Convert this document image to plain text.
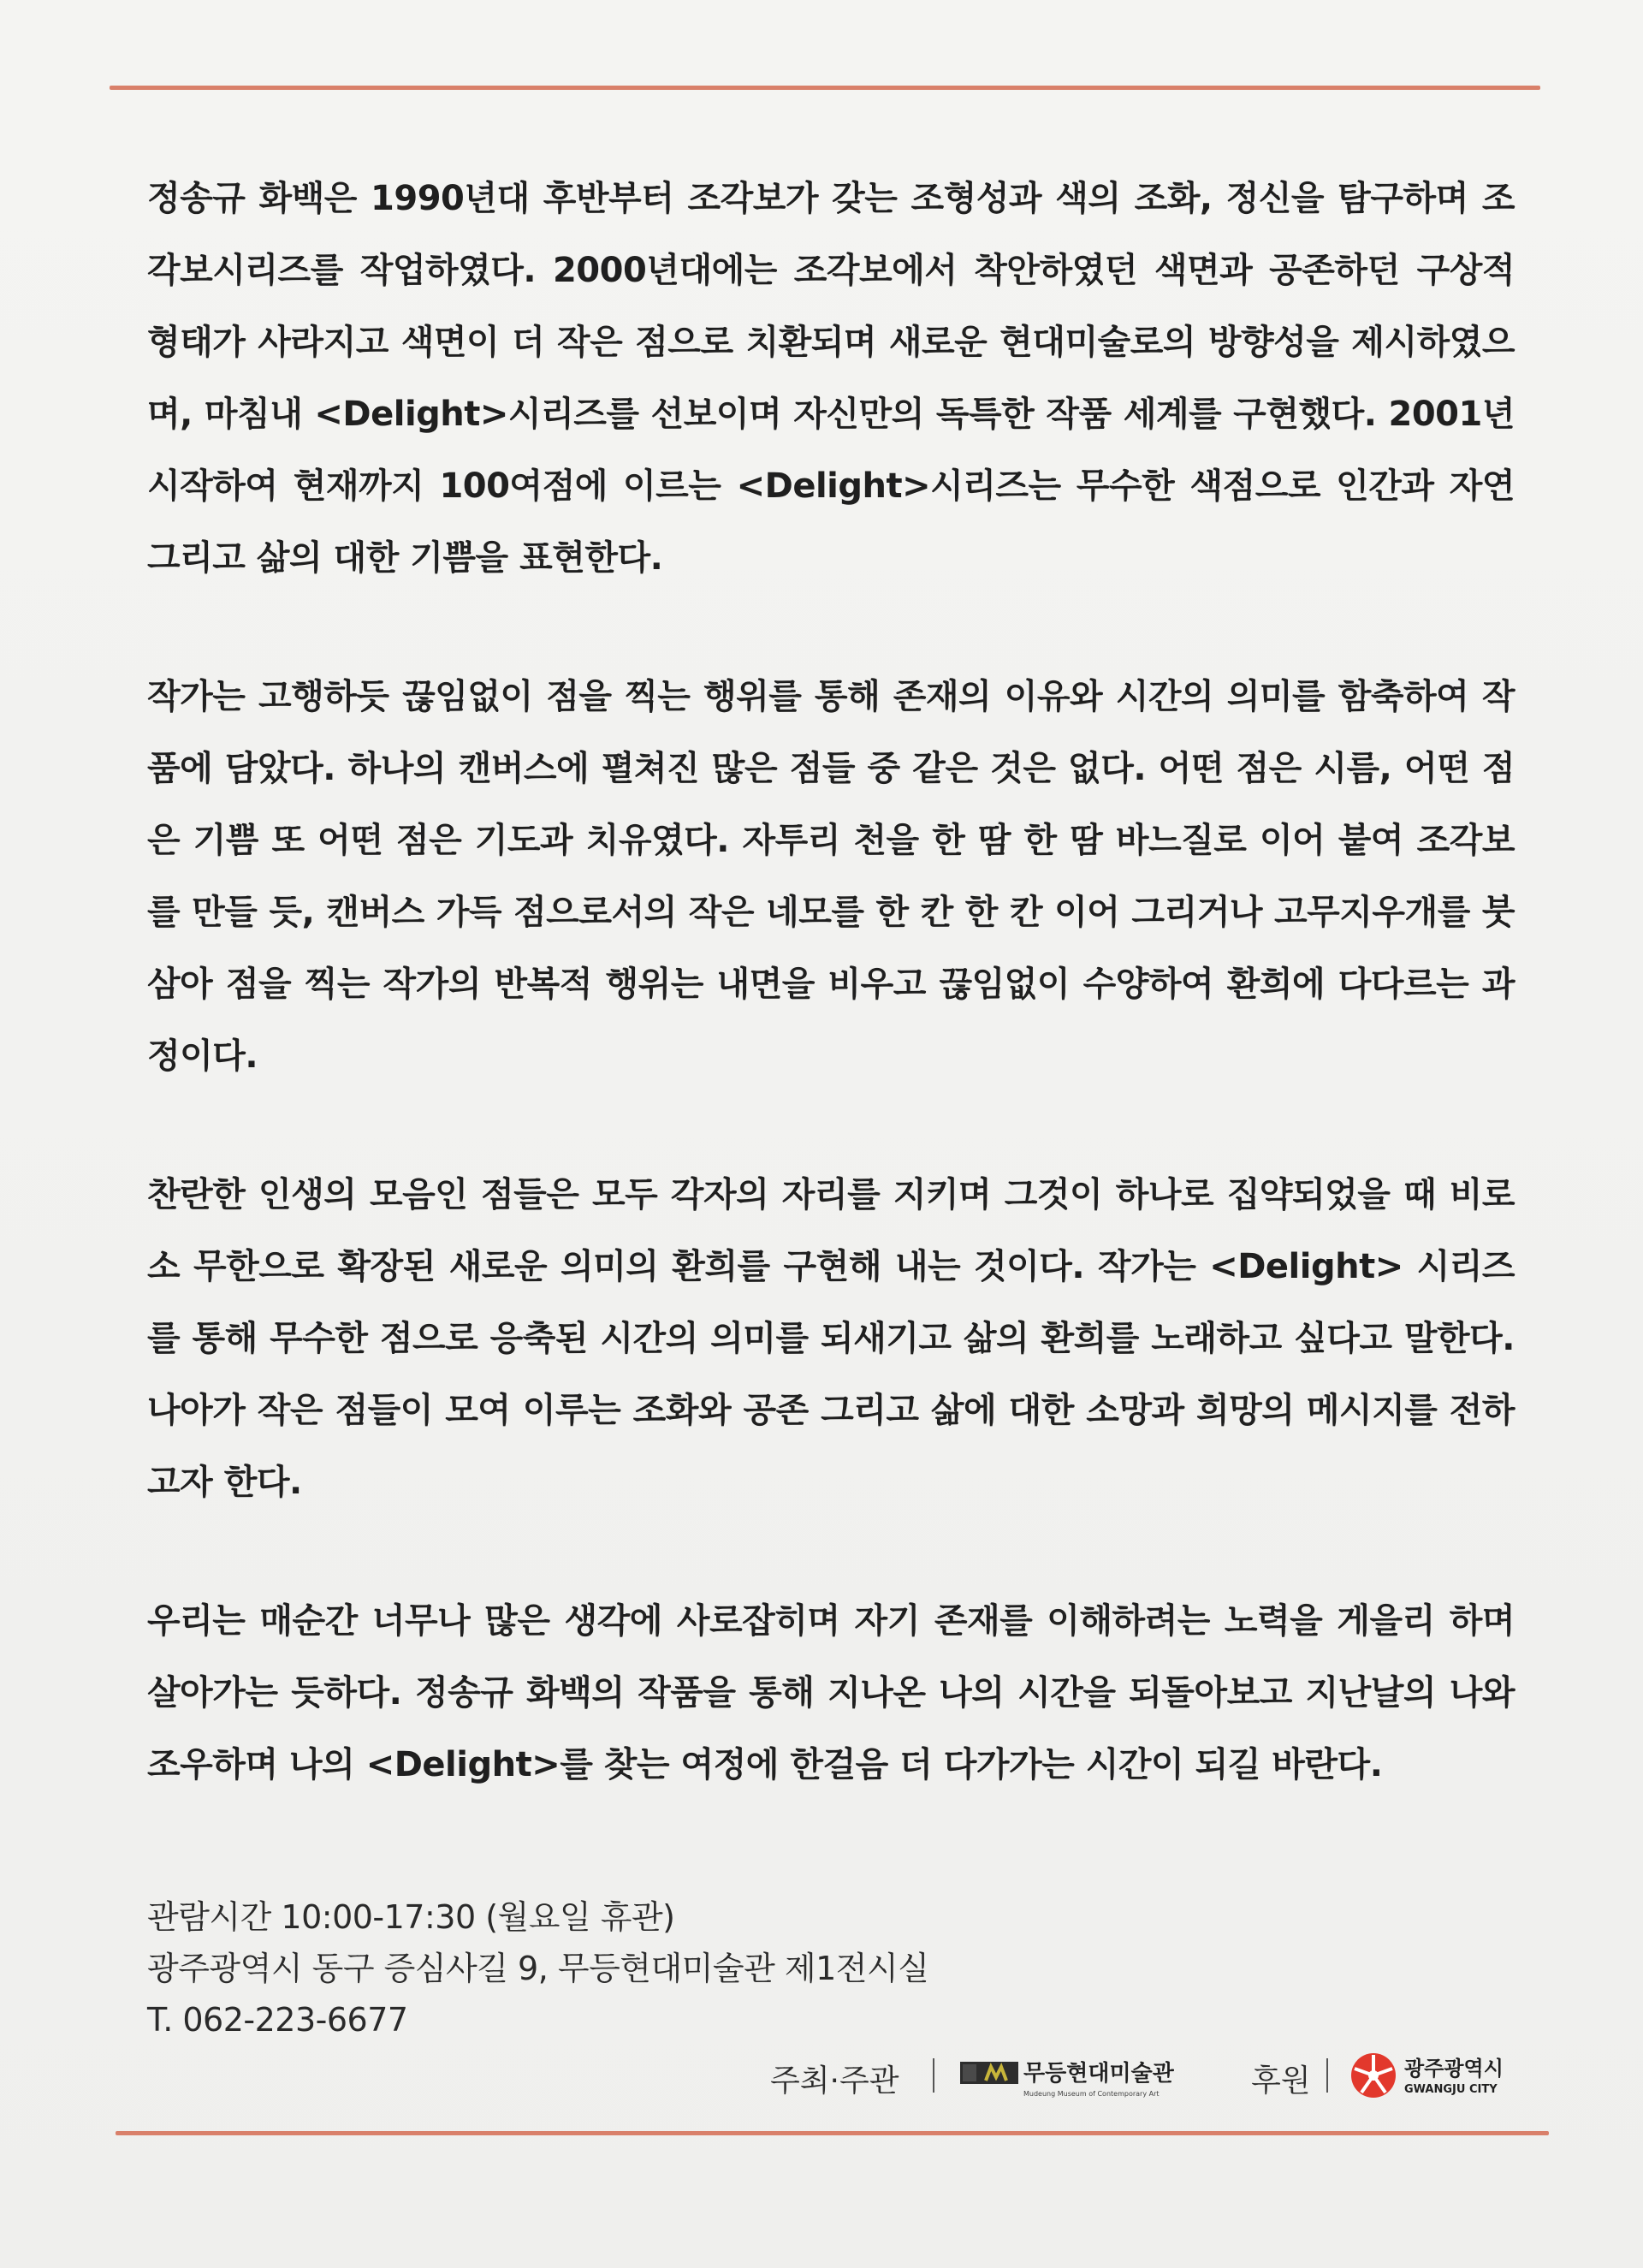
정송규 화백은 1990년대 후반부터 조각보가 갖는 조형성과 색의 조화, 정신을 탐구하며 조각보시리즈를 작업하였다. 2000년대에는 조각보에서 착안하였던 색면과 공존하던 구상적 형태가 사라지고 색면이 더 작은 점으로 치환되며 새로운 현대미술로의 방향성을 제시하였으며, 마침내 <Delight>시리즈를 선보이며 자신만의 독특한 작품 세계를 구현했다. 2001년 시작하여 현재까지 100여점에 이르는 <Delight>시리즈는 무수한 색점으로 인간과 자연 그리고 삶의 대한 기쁨을 표현한다.

작가는 고행하듯 끊임없이 점을 찍는 행위를 통해 존재의 이유와 시간의 의미를 함축하여 작품에 담았다. 하나의 캔버스에 펼쳐진 많은 점들 중 같은 것은 없다. 어떤 점은 시름, 어떤 점은 기쁨 또 어떤 점은 기도과 치유였다. 자투리 천을 한 땀 한 땀 바느질로 이어 붙여 조각보를 만들 듯, 캔버스 가득 점으로서의 작은 네모를 한 칸 한 칸 이어 그리거나 고무지우개를 붓 삼아 점을 찍는 작가의 반복적 행위는 내면을 비우고 끊임없이 수양하여 환희에 다다르는 과정이다.

찬란한 인생의 모음인 점들은 모두 각자의 자리를 지키며 그것이 하나로 집약되었을 때 비로소 무한으로 확장된 새로운 의미의 환희를 구현해 내는 것이다. 작가는 <Delight> 시리즈를 통해 무수한 점으로 응축된 시간의 의미를 되새기고 삶의 환희를 노래하고 싶다고 말한다. 나아가 작은 점들이 모여 이루는 조화와 공존 그리고 삶에 대한 소망과 희망의 메시지를 전하고자 한다.

우리는 매순간 너무나 많은 생각에 사로잡히며 자기 존재를 이해하려는 노력을 게을리 하며 살아가는 듯하다. 정송규 화백의 작품을 통해 지나온 나의 시간을 되돌아보고 지난날의 나와 조우하며 나의 <Delight>를 찾는 여정에 한걸음 더 다가가는 시간이 되길 바란다.

관람시간 10:00-17:30 (월요일 휴관)
광주광역시 동구 증심사길 9, 무등현대미술관 제1전시실
T. 062-223-6677
주최·주관	무등현대미술관
Mudeung Museum of Contemporary Art	후원	광주광역시
GWANGJU CITY
